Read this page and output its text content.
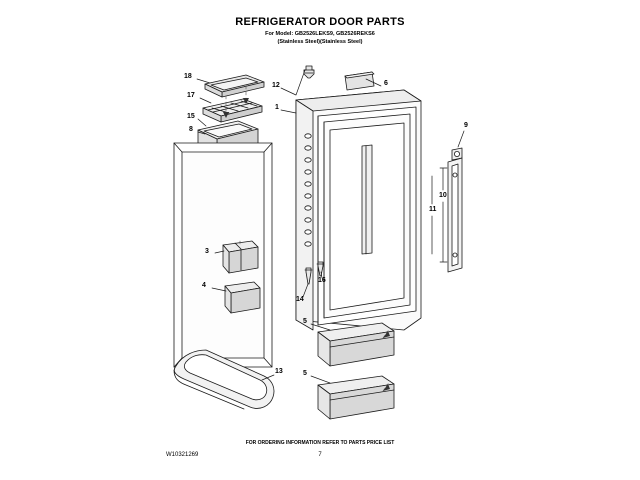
REFRIGERATOR DOOR PARTS
For Model: GB2526LEKS9, GB2526REKS6
(Stainless Steel)(Stainless Steel)
18
17
15
8
12
1
6
9
10
11
3
4
14
16
5
5
13
FOR ORDERING INFORMATION REFER TO PARTS PRICE LIST
W10321269	7
